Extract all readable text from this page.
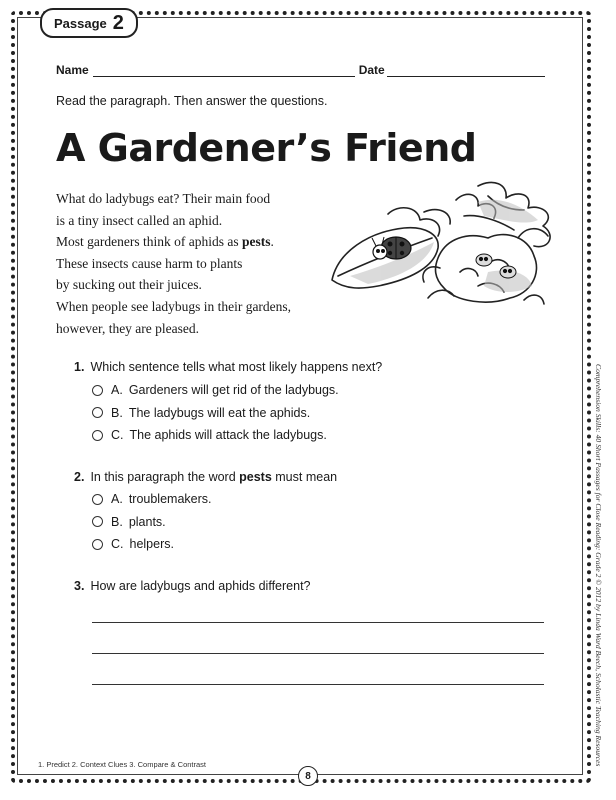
Passage 2
Name	Date
Read the paragraph. Then answer the questions.
A Gardener’s Friend
What do ladybugs eat? Their main food
is a tiny insect called an aphid.
Most gardeners think of aphids as pests.
These insects cause harm to plants
by sucking out their juices.
When people see ladybugs in their gardens,
however, they are pleased.
1. Which sentence tells what most likely happens next?
A. Gardeners will get rid of the ladybugs.
B. The ladybugs will eat the aphids.
C. The aphids will attack the ladybugs.
2. In this paragraph the word pests must mean
A. troublemakers.
B. plants.
C. helpers.
3. How are ladybugs and aphids different?
1. Predict 2. Context Clues 3. Compare & Contrast
8
Comprehension Skills: 40 Short Passages for Close Reading: Grade 2 © 2012 by Linda Ward Beech, Scholastic Teaching Resources
